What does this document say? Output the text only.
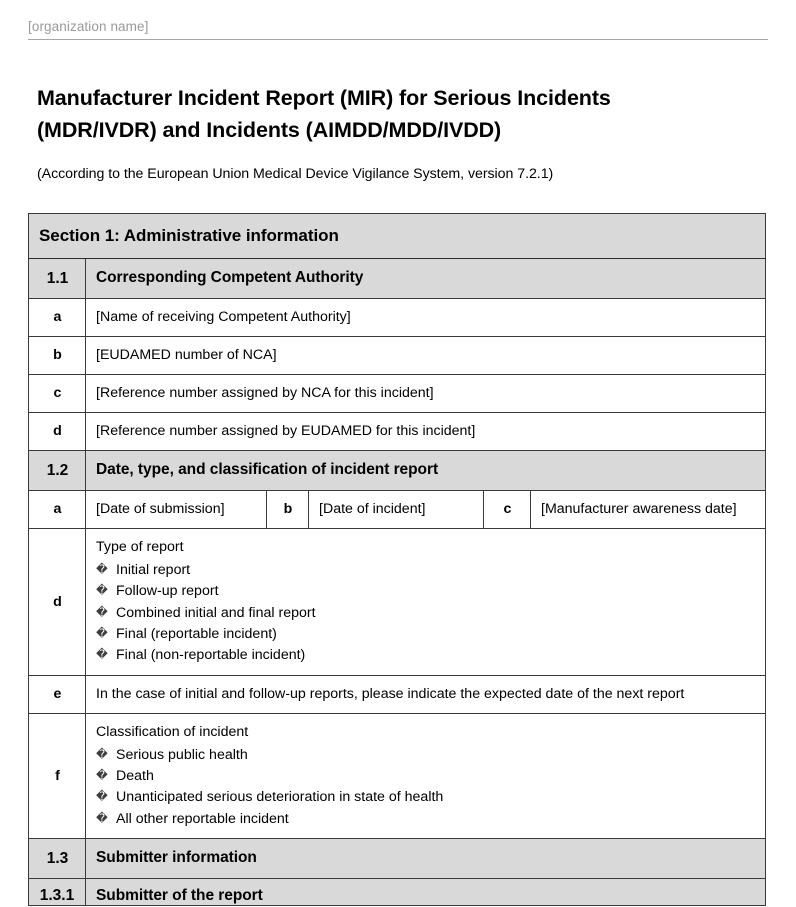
[organization name]
Manufacturer Incident Report (MIR) for Serious Incidents
(MDR/IVDR) and Incidents (AIMDD/MDD/IVDD)
(According to the European Union Medical Device Vigilance System, version 7.2.1)
Section 1: Administrative information					

1.1	Corresponding Competent Authority				

a	[Name of receiving Competent Authority]				

b	[EUDAMED number of NCA]				

c	[Reference number assigned by NCA for this incident]				

d	[Reference number assigned by EUDAMED for this incident]				

1.2	Date, type, and classification of incident report				

a	[Date of submission]	b	[Date of incident]	c	[Manufacturer awareness date]

d

Type of report
� Initial report
� Follow-up report
� Combined initial and final report
� Final (reportable incident)
� Final (non-reportable incident)

e	In the case of initial and follow-up reports, please indicate the expected date of the next report				

f

Classification of incident
� Serious public health
� Death
� Unanticipated serious deterioration in state of health
� All other reportable incident

1.3	Submitter information				

1.3.1	Submitter of the report				
